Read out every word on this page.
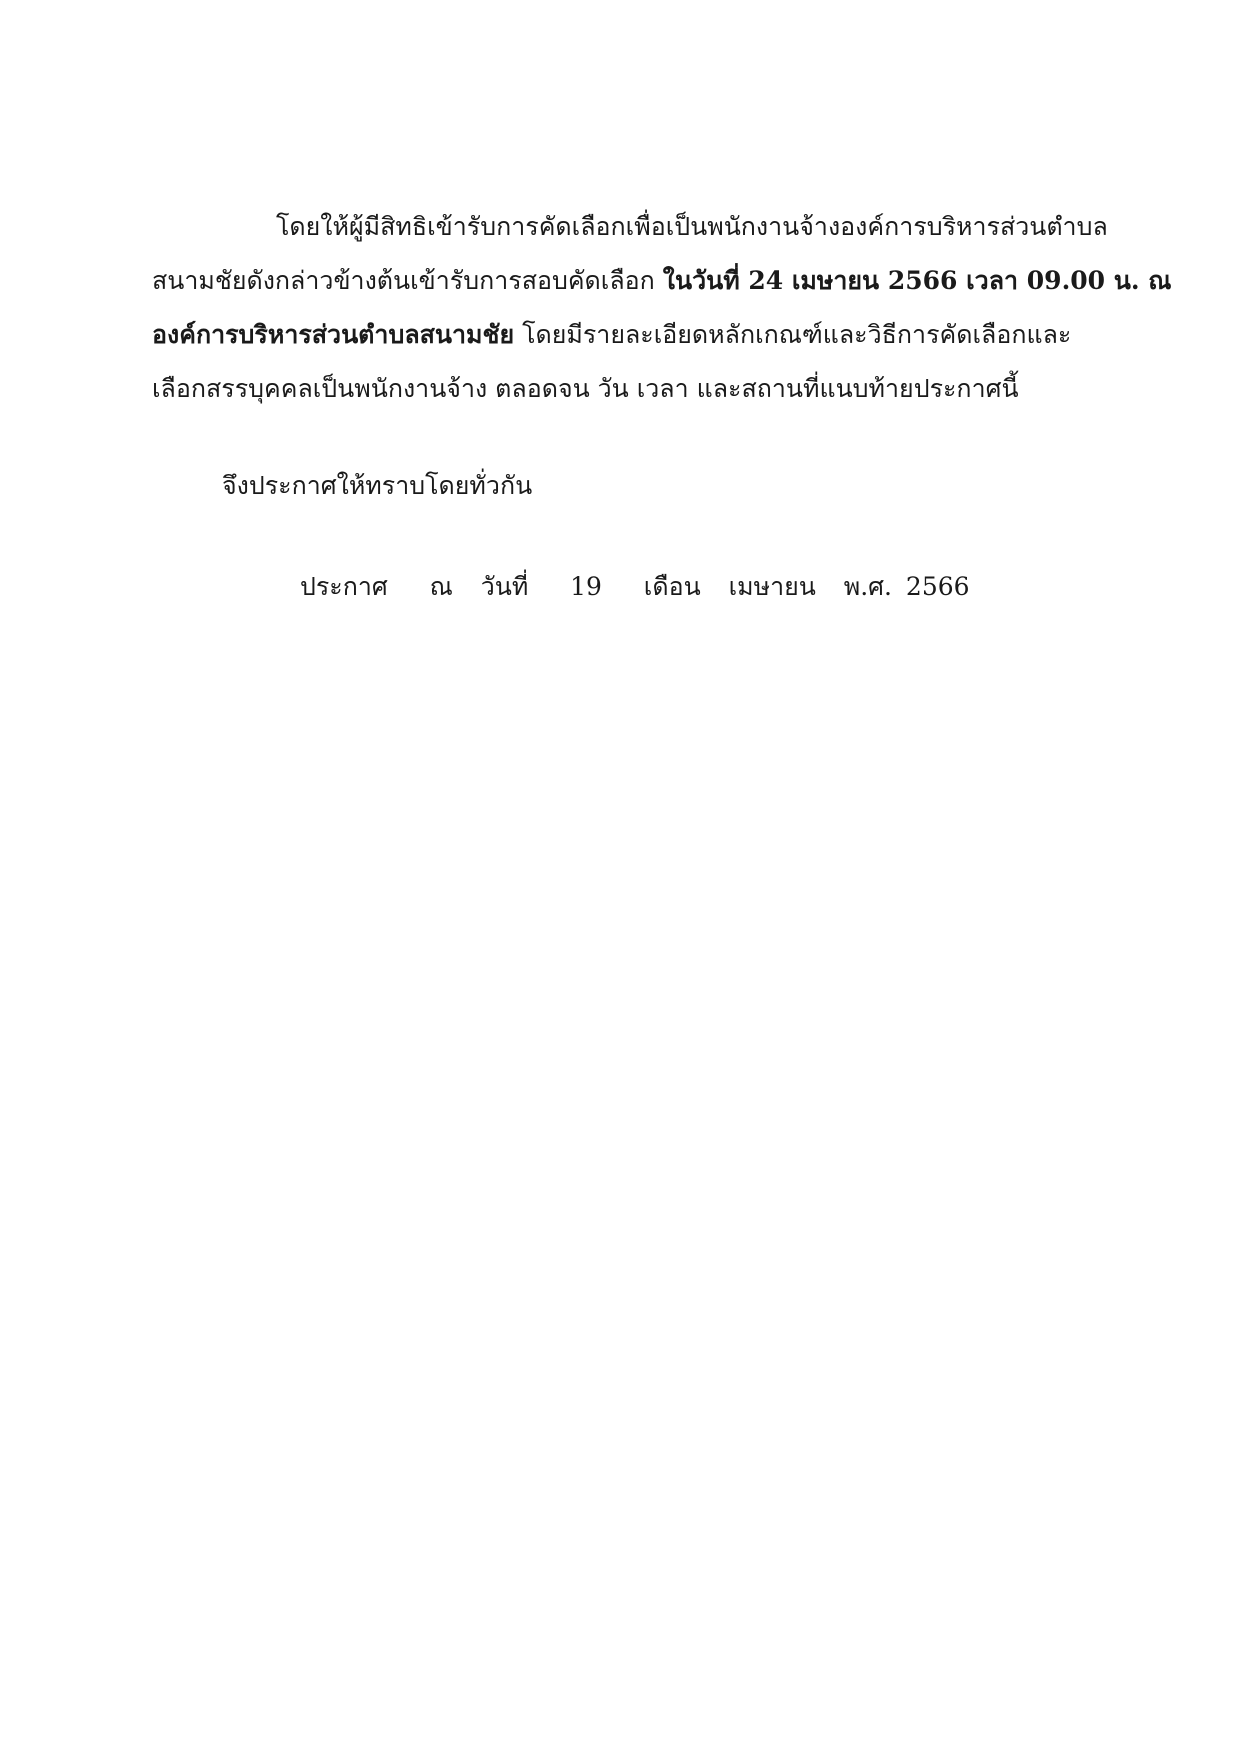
โดยให้ผู้มีสิทธิเข้ารับการคัดเลือกเพื่อเป็นพนักงานจ้างองค์การบริหารส่วนตำบล
สนามชัยดังกล่าวข้างต้นเข้ารับการสอบคัดเลือก ในวันที่ 24 เมษายน 2566 เวลา 09.00 น. ณ
องค์การบริหารส่วนตำบลสนามชัย โดยมีรายละเอียดหลักเกณฑ์และวิธีการคัดเลือกและ
เลือกสรรบุคคลเป็นพนักงานจ้าง ตลอดจน วัน เวลา และสถานที่แนบท้ายประกาศนี้
จึงประกาศให้ทราบโดยทั่วกัน
ประกาศ   ณ  วันที่   19   เดือน  เมษายน  พ.ศ. 2566
